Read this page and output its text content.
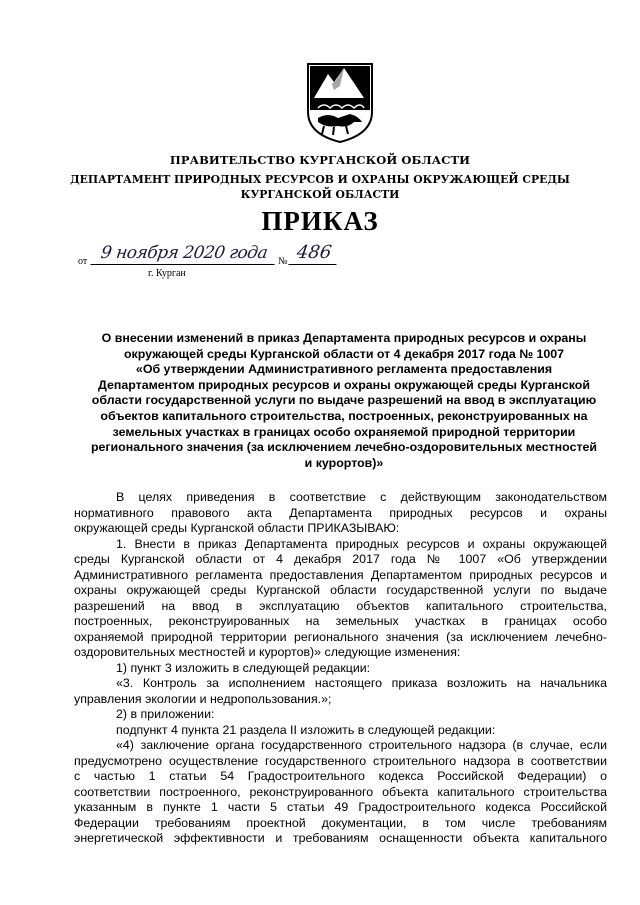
ПРАВИТЕЛЬСТВО КУРГАНСКОЙ ОБЛАСТИ
ДЕПАРТАМЕНТ ПРИРОДНЫХ РЕСУРСОВ И ОХРАНЫ ОКРУЖАЮЩЕЙ СРЕДЫ
КУРГАНСКОЙ ОБЛАСТИ
ПРИКАЗ
от 9 ноября 2020 года № 486
г. Курган
О внесении изменений в приказ Департамента природных ресурсов и охраны
окружающей среды Курганской области от 4 декабря 2017 года № 1007
«Об утверждении Административного регламента предоставления
Департаментом природных ресурсов и охраны окружающей среды Курганской
области государственной услуги по выдаче разрешений на ввод в эксплуатацию
объектов капитального строительства, построенных, реконструированных на
земельных участках в границах особо охраняемой природной территории
регионального значения (за исключением лечебно-оздоровительных местностей
и курортов)»
В целях приведения в соответствие с действующим законодательством
нормативного правового акта Департамента природных ресурсов и охраны
окружающей среды Курганской области ПРИКАЗЫВАЮ:
1. Внести в приказ Департамента природных ресурсов и охраны окружающей
среды Курганской области от 4 декабря 2017 года № 1007 «Об утверждении
Административного регламента предоставления Департаментом природных ресурсов и
охраны окружающей среды Курганской области государственной услуги по выдаче
разрешений на ввод в эксплуатацию объектов капитального строительства,
построенных, реконструированных на земельных участках в границах особо
охраняемой природной территории регионального значения (за исключением лечебно-
оздоровительных местностей и курортов)» следующие изменения:
1) пункт 3 изложить в следующей редакции:
«3. Контроль за исполнением настоящего приказа возложить на начальника
управления экологии и недропользования.»;
2) в приложении:
подпункт 4 пункта 21 раздела II изложить в следующей редакции:
«4) заключение органа государственного строительного надзора (в случае, если
предусмотрено осуществление государственного строительного надзора в соответствии
с частью 1 статьи 54 Градостроительного кодекса Российской Федерации) о
соответствии построенного, реконструированного объекта капитального строительства
указанным в пункте 1 части 5 статьи 49 Градостроительного кодекса Российской
Федерации требованиям проектной документации, в том числе требованиям
энергетической эффективности и требованиям оснащенности объекта капитального
